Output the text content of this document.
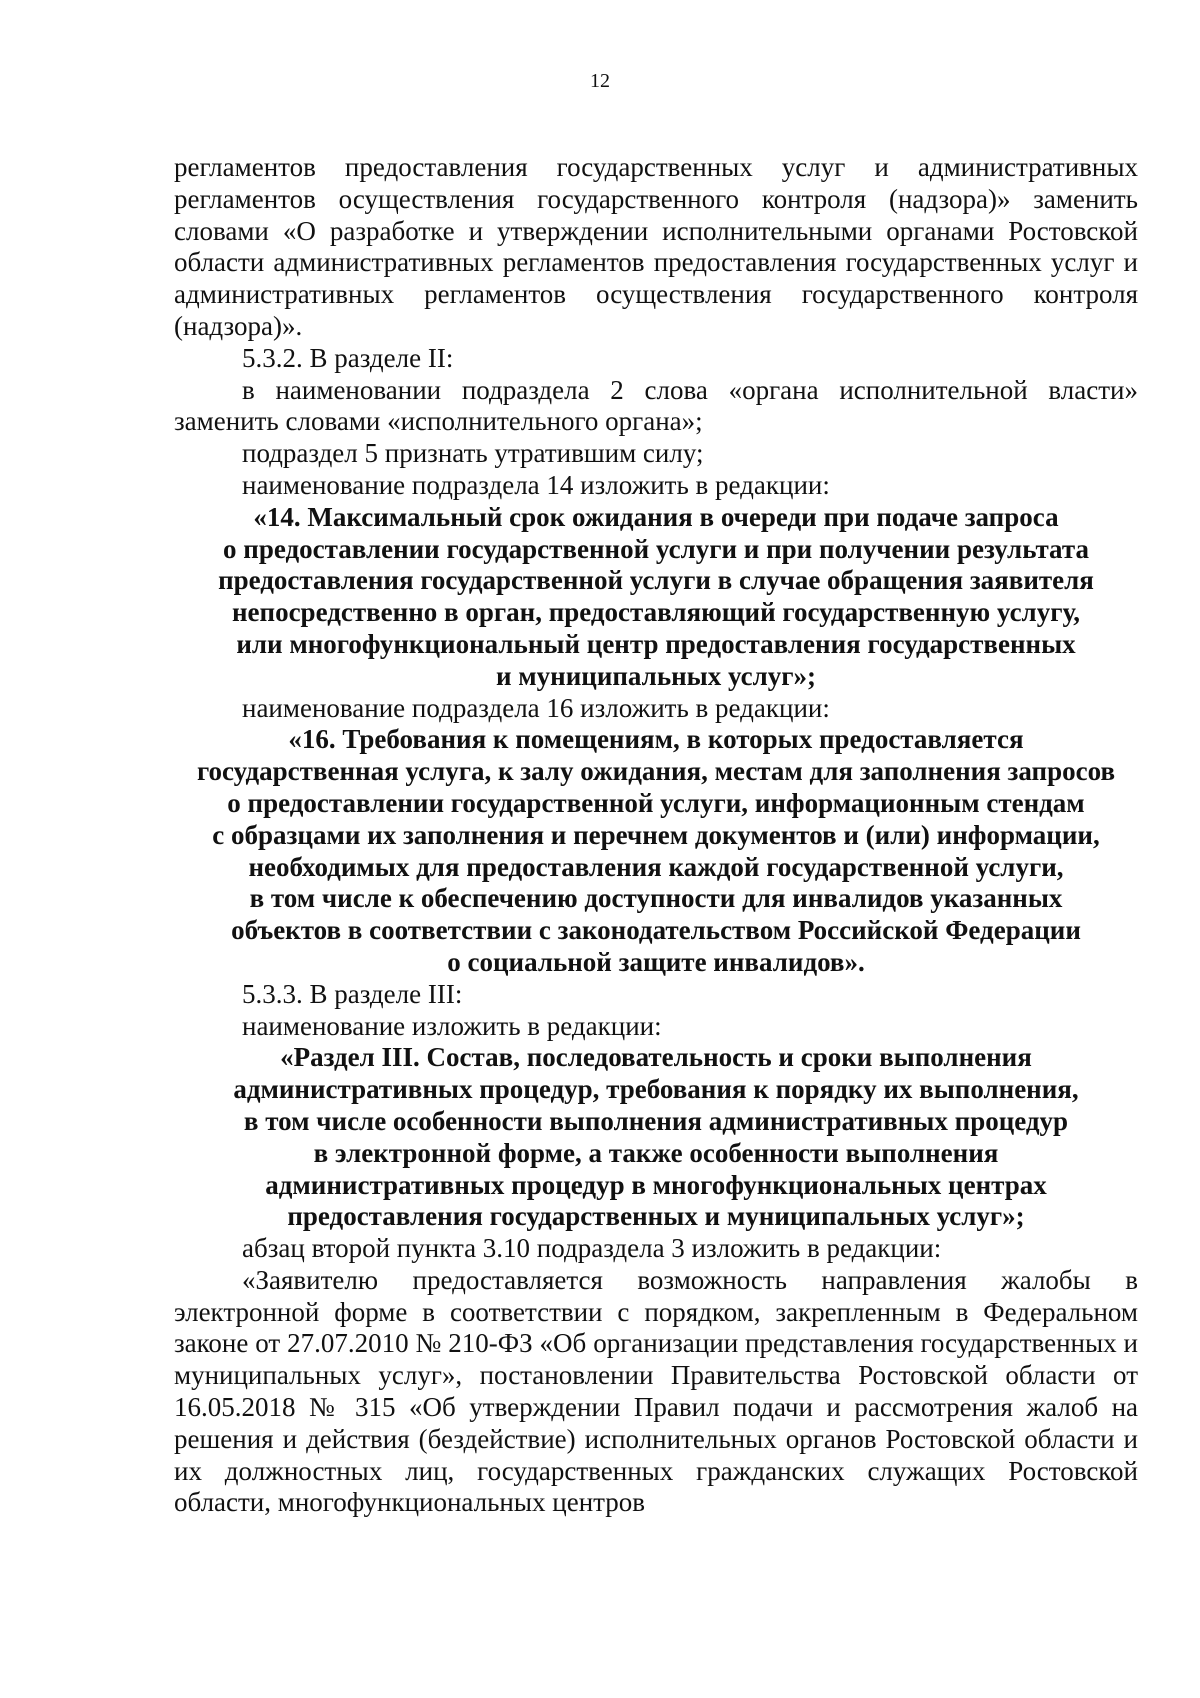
12

регламентов предоставления государственных услуг и административных регламентов осуществления государственного контроля (надзора)» заменить словами «О разработке и утверждении исполнительными органами Ростовской области административных регламентов предоставления государственных услуг и административных регламентов осуществления государственного контроля (надзора)».

5.3.2. В разделе II:

в наименовании подраздела 2 слова «органа исполнительной власти» заменить словами «исполнительного органа»;

подраздел 5 признать утратившим силу;

наименование подраздела 14 изложить в редакции:

«14. Максимальный срок ожидания в очереди при подаче запроса
о предоставлении государственной услуги и при получении результата
предоставления государственной услуги в случае обращения заявителя
непосредственно в орган, предоставляющий государственную услугу,
или многофункциональный центр предоставления государственных
и муниципальных услуг»;

наименование подраздела 16 изложить в редакции:

«16. Требования к помещениям, в которых предоставляется
государственная услуга, к залу ожидания, местам для заполнения запросов
о предоставлении государственной услуги, информационным стендам
с образцами их заполнения и перечнем документов и (или) информации,
необходимых для предоставления каждой государственной услуги,
в том числе к обеспечению доступности для инвалидов указанных
объектов в соответствии с законодательством Российской Федерации
о социальной защите инвалидов».

5.3.3. В разделе III:

наименование изложить в редакции:

«Раздел III. Состав, последовательность и сроки выполнения
административных процедур, требования к порядку их выполнения,
в том числе особенности выполнения административных процедур
в электронной форме, а также особенности выполнения
административных процедур в многофункциональных центрах
предоставления государственных и муниципальных услуг»;

абзац второй пункта 3.10 подраздела 3 изложить в редакции:

«Заявителю предоставляется возможность направления жалобы в электронной форме в соответствии с порядком, закрепленным в Федеральном законе от 27.07.2010 № 210-ФЗ «Об организации представления государственных и муниципальных услуг», постановлении Правительства Ростовской области от 16.05.2018 № 315 «Об утверждении Правил подачи и рассмотрения жалоб на решения и действия (бездействие) исполнительных органов Ростовской области и их должностных лиц, государственных гражданских служащих Ростовской области, многофункциональных центров
